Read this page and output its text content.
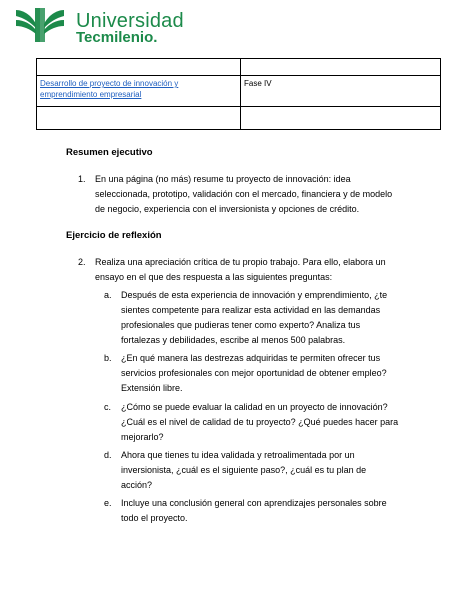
Universidad
Tecmilenio.

Desarrollo de proyecto de innovación y emprendimiento empresarial	Fase IV

Resumen ejecutivo
1. En una página (no más) resume tu proyecto de innovación: idea
seleccionada, prototipo, validación con el mercado, financiera y de modelo
de negocio, experiencia con el inversionista y opciones de crédito.
Ejercicio de reflexión
2. Realiza una apreciación crítica de tu propio trabajo. Para ello, elabora un
ensayo en el que des respuesta a las siguientes preguntas:
a. Después de esta experiencia de innovación y emprendimiento, ¿te
sientes competente para realizar esta actividad en las demandas
profesionales que pudieras tener como experto? Analiza tus
fortalezas y debilidades, escribe al menos 500 palabras.
b. ¿En qué manera las destrezas adquiridas te permiten ofrecer tus
servicios profesionales con mejor oportunidad de obtener empleo?
Extensión libre.
c. ¿Cómo se puede evaluar la calidad en un proyecto de innovación?
¿Cuál es el nivel de calidad de tu proyecto? ¿Qué puedes hacer para
mejorarlo?
d. Ahora que tienes tu idea validada y retroalimentada por un
inversionista, ¿cuál es el siguiente paso?, ¿cuál es tu plan de
acción?
e. Incluye una conclusión general con aprendizajes personales sobre
todo el proyecto.
